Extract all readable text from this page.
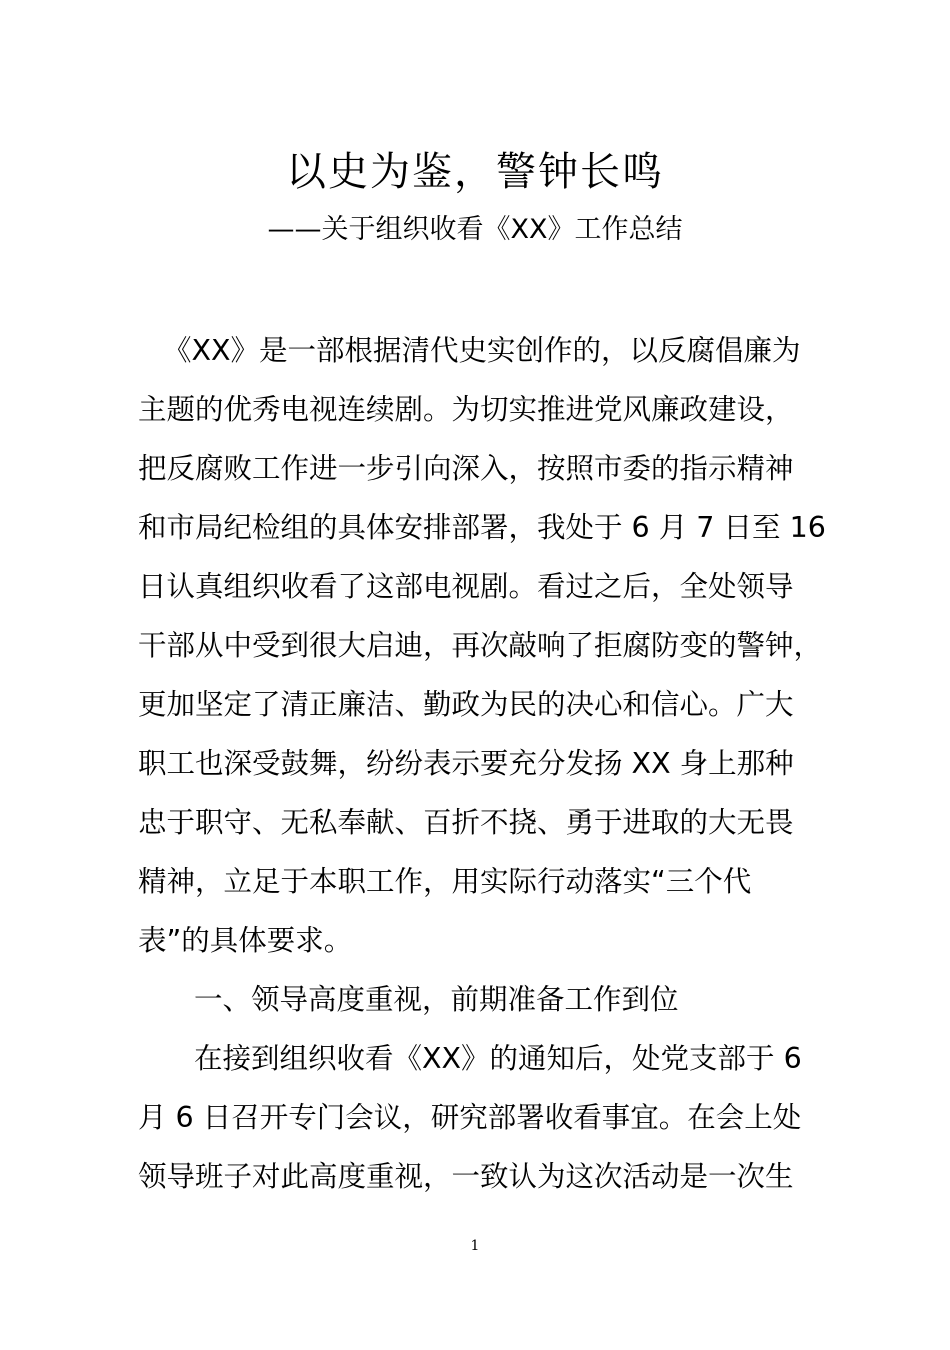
以史为鉴，警钟长鸣
——关于组织收看《XX》工作总结
《XX》是一部根据清代史实创作的，以反腐倡廉为
主题的优秀电视连续剧。为切实推进党风廉政建设，
把反腐败工作进一步引向深入，按照市委的指示精神
和市局纪检组的具体安排部署，我处于 6 月 7 日至 16
日认真组织收看了这部电视剧。看过之后，全处领导
干部从中受到很大启迪，再次敲响了拒腐防变的警钟，
更加坚定了清正廉洁、勤政为民的决心和信心。广大
职工也深受鼓舞，纷纷表示要充分发扬 XX 身上那种
忠于职守、无私奉献、百折不挠、勇于进取的大无畏
精神，立足于本职工作，用实际行动落实“三个代
表”的具体要求。
一、领导高度重视，前期准备工作到位
在接到组织收看《XX》的通知后，处党支部于 6
月 6 日召开专门会议，研究部署收看事宜。在会上处
领导班子对此高度重视，一致认为这次活动是一次生
1
